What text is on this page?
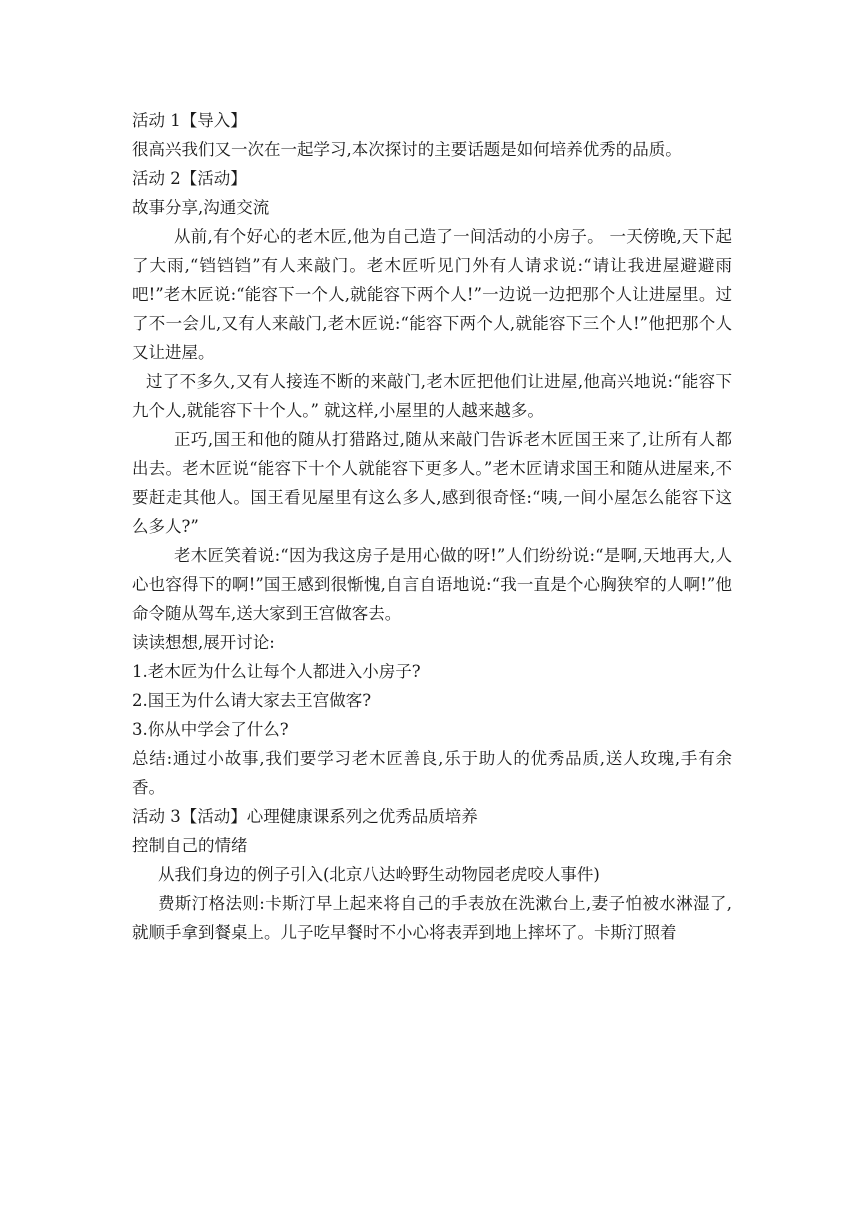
活动 1【导入】

很高兴我们又一次在一起学习,本次探讨的主要话题是如何培养优秀的品质。

活动 2【活动】

故事分享,沟通交流

从前,有个好心的老木匠,他为自己造了一间活动的小房子。 一天傍晚,天下起了大雨,“铛铛铛”有人来敲门。老木匠听见门外有人请求说:“请让我进屋避避雨吧!”老木匠说:“能容下一个人,就能容下两个人!”一边说一边把那个人让进屋里。过了不一会儿,又有人来敲门,老木匠说:“能容下两个人,就能容下三个人!”他把那个人又让进屋。

过了不多久,又有人接连不断的来敲门,老木匠把他们让进屋,他高兴地说:“能容下九个人,就能容下十个人。” 就这样,小屋里的人越来越多。

正巧,国王和他的随从打猎路过,随从来敲门告诉老木匠国王来了,让所有人都出去。老木匠说“能容下十个人就能容下更多人。”老木匠请求国王和随从进屋来,不要赶走其他人。国王看见屋里有这么多人,感到很奇怪:“咦,一间小屋怎么能容下这么多人?”

老木匠笑着说:“因为我这房子是用心做的呀!”人们纷纷说:“是啊,天地再大,人心也容得下的啊!”国王感到很惭愧,自言自语地说:“我一直是个心胸狭窄的人啊!”他命令随从驾车,送大家到王宫做客去。

读读想想,展开讨论:

1.老木匠为什么让每个人都进入小房子?

2.国王为什么请大家去王宫做客?

3.你从中学会了什么?

总结:通过小故事,我们要学习老木匠善良,乐于助人的优秀品质,送人玫瑰,手有余香。

活动 3【活动】心理健康课系列之优秀品质培养

控制自己的情绪

从我们身边的例子引入(北京八达岭野生动物园老虎咬人事件)

费斯汀格法则:卡斯汀早上起来将自己的手表放在洗漱台上,妻子怕被水淋湿了,就顺手拿到餐桌上。儿子吃早餐时不小心将表弄到地上摔坏了。卡斯汀照着
